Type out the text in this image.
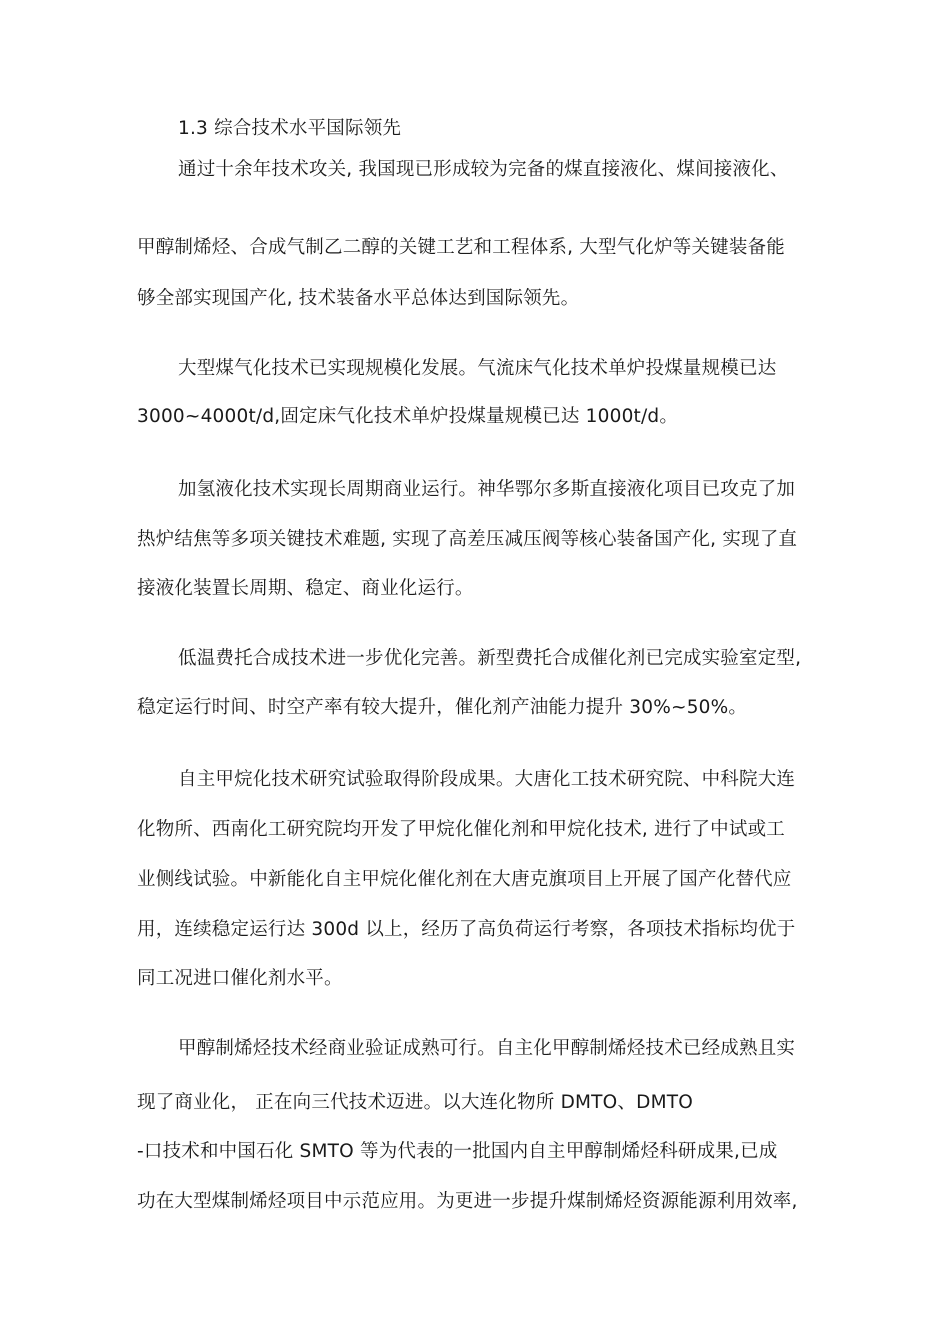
1.3 综合技术水平国际领先
通过十余年技术攻关, 我国现已形成较为完备的煤直接液化、煤间接液化、
甲醇制烯烃、合成气制乙二醇的关键工艺和工程体系, 大型气化炉等关键装备能
够全部实现国产化, 技术装备水平总体达到国际领先。
大型煤气化技术已实现规模化发展。气流床气化技术单炉投煤量规模已达
3000~4000t/d,固定床气化技术单炉投煤量规模已达 1000t/d。
加氢液化技术实现长周期商业运行。神华鄂尔多斯直接液化项目已攻克了加
热炉结焦等多项关键技术难题, 实现了高差压减压阀等核心装备国产化, 实现了直
接液化装置长周期、稳定、商业化运行。
低温费托合成技术进一步优化完善。新型费托合成催化剂已完成实验室定型,
稳定运行时间、时空产率有较大提升，催化剂产油能力提升 30%~50%。
自主甲烷化技术研究试验取得阶段成果。大唐化工技术研究院、中科院大连
化物所、西南化工研究院均开发了甲烷化催化剂和甲烷化技术, 进行了中试或工
业侧线试验。中新能化自主甲烷化催化剂在大唐克旗项目上开展了国产化替代应
用，连续稳定运行达 300d 以上，经历了高负荷运行考察，各项技术指标均优于
同工况进口催化剂水平。
甲醇制烯烃技术经商业验证成熟可行。自主化甲醇制烯烃技术已经成熟且实
现了商业化， 正在向三代技术迈进。以大连化物所 DMTO、DMTO
-口技术和中国石化 SMTO 等为代表的一批国内自主甲醇制烯烃科研成果,已成
功在大型煤制烯烃项目中示范应用。为更进一步提升煤制烯烃资源能源利用效率,
